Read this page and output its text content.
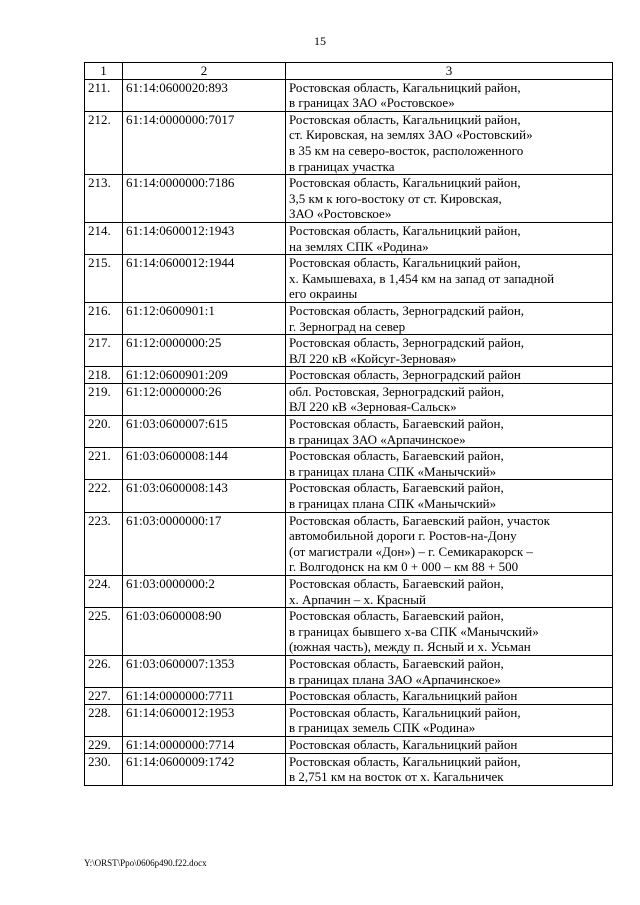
15
1	2	3
211.	61:14:0600020:893	Ростовская область, Кагальницкий район,
в границах ЗАО «Ростовское»

212.	61:14:0000000:7017	Ростовская область, Кагальницкий район,
ст. Кировская, на землях ЗАО «Ростовский»
в 35 км на северо-восток, расположенного
в границах участка

213.	61:14:0000000:7186	Ростовская область, Кагальницкий район,
3,5 км к юго-востоку от ст. Кировская,
ЗАО «Ростовское»

214.	61:14:0600012:1943	Ростовская область, Кагальницкий район,
на землях СПК «Родина»

215.	61:14:0600012:1944	Ростовская область, Кагальницкий район,
х. Камышеваха, в 1,454 км на запад от западной
его окраины

216.	61:12:0600901:1	Ростовская область, Зерноградский район,
г. Зерноград на север

217.	61:12:0000000:25	Ростовская область, Зерноградский район,
ВЛ 220 кВ «Койсуг-Зерновая»

218.	61:12:0600901:209	Ростовская область, Зерноградский район

219.	61:12:0000000:26	обл. Ростовская, Зерноградский район,
ВЛ 220 кВ «Зерновая-Сальск»

220.	61:03:0600007:615	Ростовская область, Багаевский район,
в границах ЗАО «Арпачинское»

221.	61:03:0600008:144	Ростовская область, Багаевский район,
в границах плана СПК «Манычский»

222.	61:03:0600008:143	Ростовская область, Багаевский район,
в границах плана СПК «Манычский»

223.	61:03:0000000:17	Ростовская область, Багаевский район, участок
автомобильной дороги г. Ростов-на-Дону
(от магистрали «Дон») – г. Семикаракорск –
г. Волгодонск на км 0 + 000 – км 88 + 500

224.	61:03:0000000:2	Ростовская область, Багаевский район,
х. Арпачин – х. Красный

225.	61:03:0600008:90	Ростовская область, Багаевский район,
в границах бывшего х-ва СПК «Манычский»
(южная часть), между п. Ясный и х. Усьман

226.	61:03:0600007:1353	Ростовская область, Багаевский район,
в границах плана ЗАО «Арпачинское»

227.	61:14:0000000:7711	Ростовская область, Кагальницкий район

228.	61:14:0600012:1953	Ростовская область, Кагальницкий район,
в границах земель СПК «Родина»

229.	61:14:0000000:7714	Ростовская область, Кагальницкий район

230.	61:14:0600009:1742	Ростовская область, Кагальницкий район,
в 2,751 км на восток от х. Кагальничек
Y:\ORST\Ppo\0606p490.f22.docx
